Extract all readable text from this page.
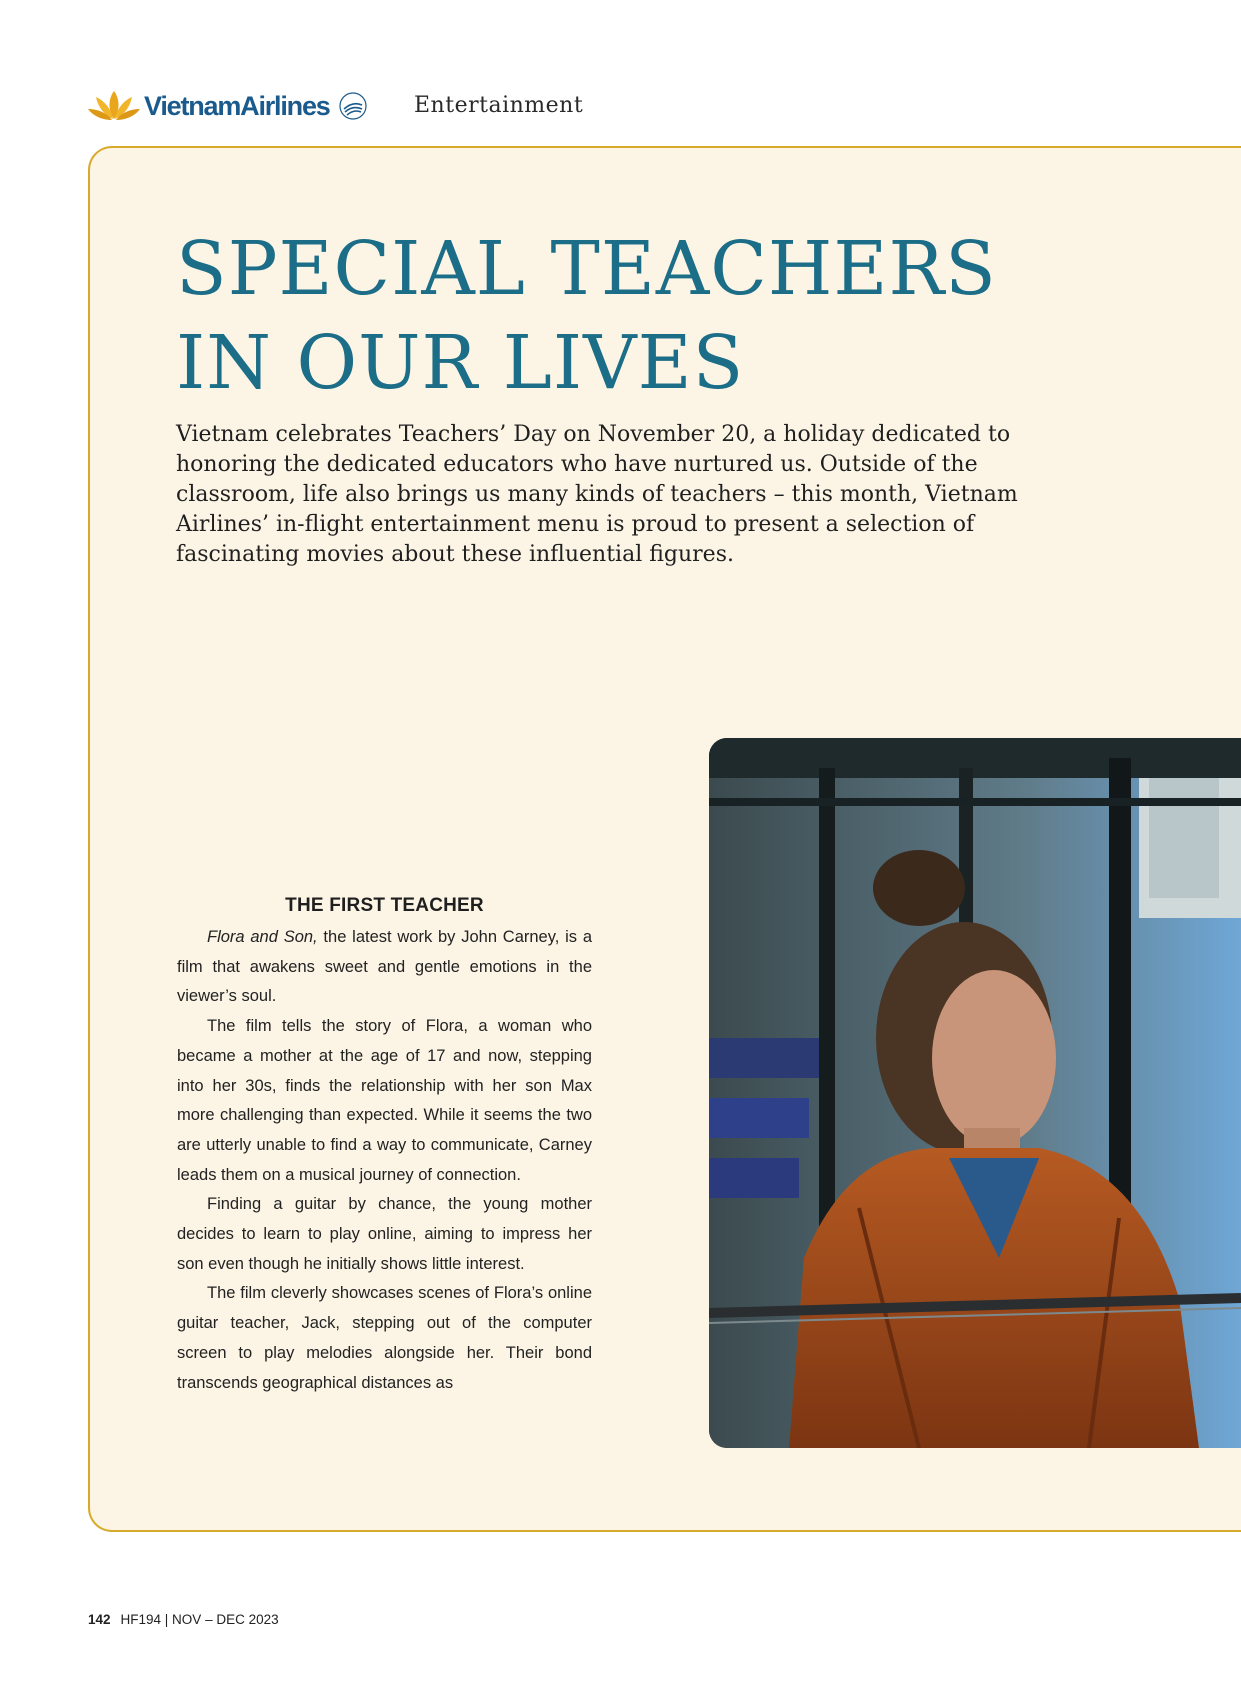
VietnamAirlines	Entertainment
SPECIAL TEACHERS
IN OUR LIVES

Vietnam celebrates Teachers’ Day on November 20, a holiday dedicated to honoring the dedicated educators who have nurtured us. Outside of the classroom, life also brings us many kinds of teachers – this month, Vietnam Airlines’ in-flight entertainment menu is proud to present a selection of fascinating movies about these influential figures.

THE FIRST TEACHER

Flora and Son, the latest work by John Carney, is a film that awakens sweet and gentle emotions in the viewer’s soul.

The film tells the story of Flora, a woman who became a mother at the age of 17 and now, stepping into her 30s, finds the relationship with her son Max more challenging than expected. While it seems the two are utterly unable to find a way to communicate, Carney leads them on a musical journey of connection.

Finding a guitar by chance, the young mother decides to learn to play online, aiming to impress her son even though he initially shows little interest.

The film cleverly showcases scenes of Flora’s online guitar teacher, Jack, stepping out of the computer screen to play melodies alongside her. Their bond transcends geographical distances as

142 HF194 | NOV – DEC 2023
